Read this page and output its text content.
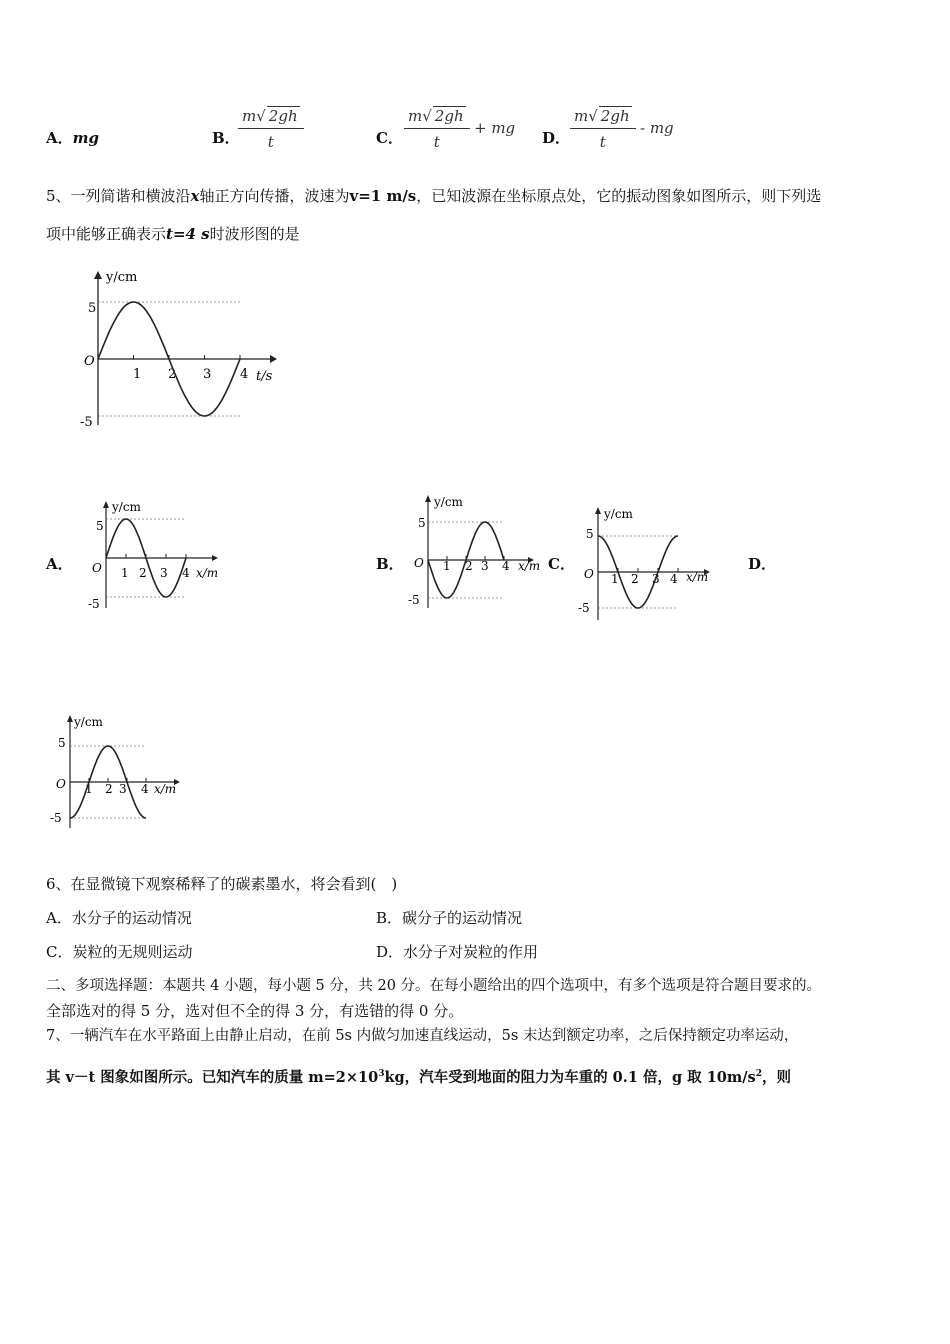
A．mg	B．
$\frac{m√ 2gh}{t}$	C． $\frac{m√ 2gh}{t}$ + mg
D． $\frac{m√ 2gh}{t}$ - mg
5、一列简谐和横波沿x轴正方向传播，波速为v=1 m/s，已知波源在坐标原点处，它的振动图象如图所示，则下列选
项中能够正确表示t=4 s时波形图的是
y/cm
t/s
O
5
-5
1 2 3 4
A．
y/cm
x/m
O
5
-5
1 2 3 4	B．
y/cm
x/m
O
5
-5
1 2 3 4	C．
y/cm
x/m
O
5
-5
1 2 3 4
D．
y/cm
x/m
O
5
-5
1 2 3 4
6、在显微镜下观察稀释了的碳素墨水，将会看到(　)
A．水分子的运动情况	B．碳分子的运动情况
C．炭粒的无规则运动	D．水分子对炭粒的作用
二、多项选择题：本题共 4 小题，每小题 5 分，共 20 分。在每小题给出的四个选项中，有多个选项是符合题目要求的。
全部选对的得 5 分，选对但不全的得 3 分，有选错的得 0 分。
7、一辆汽车在水平路面上由静止启动，在前 5s 内做匀加速直线运动，5s 末达到额定功率，之后保持额定功率运动，
其 v－t 图象如图所示。已知汽车的质量 $m=2\times 10^3kg$，汽车受到地面的阻力为车重的 0.1 倍，g 取 $10m/s^2$，则
